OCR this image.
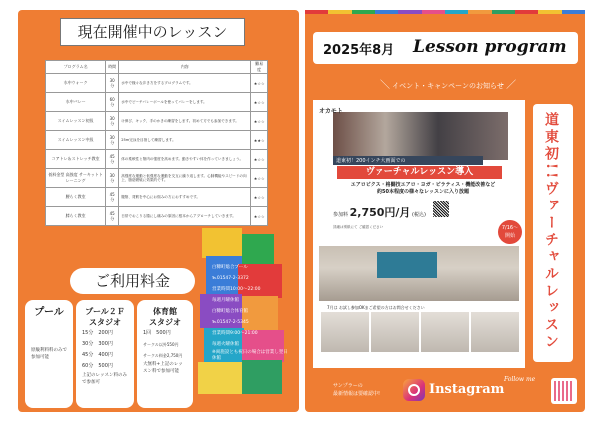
現在開催中のレッスン
プログラム名	時間	内容	難易度
水中ウォーク	30分	水中で様々な歩き方をするプログラムです。	★☆☆
水中バレー	60分	水中でビーチバレーボールを使ってバレーをします。	★☆☆
スイムレッスン初級	30分	け伸び、キック、手のかきの練習をします。初めて方でも参加できます。	★☆☆
スイムレッスン中級	30分	25m完泳を目指して練習します。	★★☆
コアトレ＆ストレッチ教室	45分	体の柔軟性と筋肉の強度を高めます。動きやすい体を作っていきましょう。	★☆☆
低料金型 高強度 サーキットトレーニング	30分	高強度な運動と低強度な運動を交互に繰り返します。心肺機能やスピードの向上、脂肪燃焼に効果的です。	★☆☆
腰らく教室	45分	腹筋、背筋を中心にお悩みの方におすすめです。	★☆☆
膝らく教室	45分	日常でおこりる膝にし痛みの原因に根本からアプローチしていきます。	★☆☆
ご利用料金
プール
原級利料料のみで参加可能
プール２Ｆ
スタジオ
15分　200円
30分　300円
45分　400円
60分　500円
上記のレッスン料のみで参加可
体育館
スタジオ
1回　500円
サークル以外550円
サークル料金2,750円
大無料+上記のレッスン料で参加可能
白糠町総合プール
℡01547-2-3372
営業時間10:00〜22:00
毎週月曜休館
白糠町総合体育館
℡01547-2-5345
営業時間9:00〜21:00
毎週火曜休館
※両施設とも祝日の場合は営業し翌日休館
2025年8月 Lesson program
＼ イベント・キャンペーンのお知らせ ／
オカモト
道東初！200インチ大画面での
ヴァーチャルレッスン導入
エアロビクス・格闘技エアロ・ヨガ・ピラティス・機能改善など
約50本程度の様々なレッスンに入り放題
参加料 2,750円/月 (税込)
7/16〜
開始
詳細は別紙にて ご確認ください
7月は お試し参加OKまご希望の方はお問合せください	道東初!!ヴァーチャルレッスン
サンプラーの
最新情報は要確認中!	Instagram
Follow me
